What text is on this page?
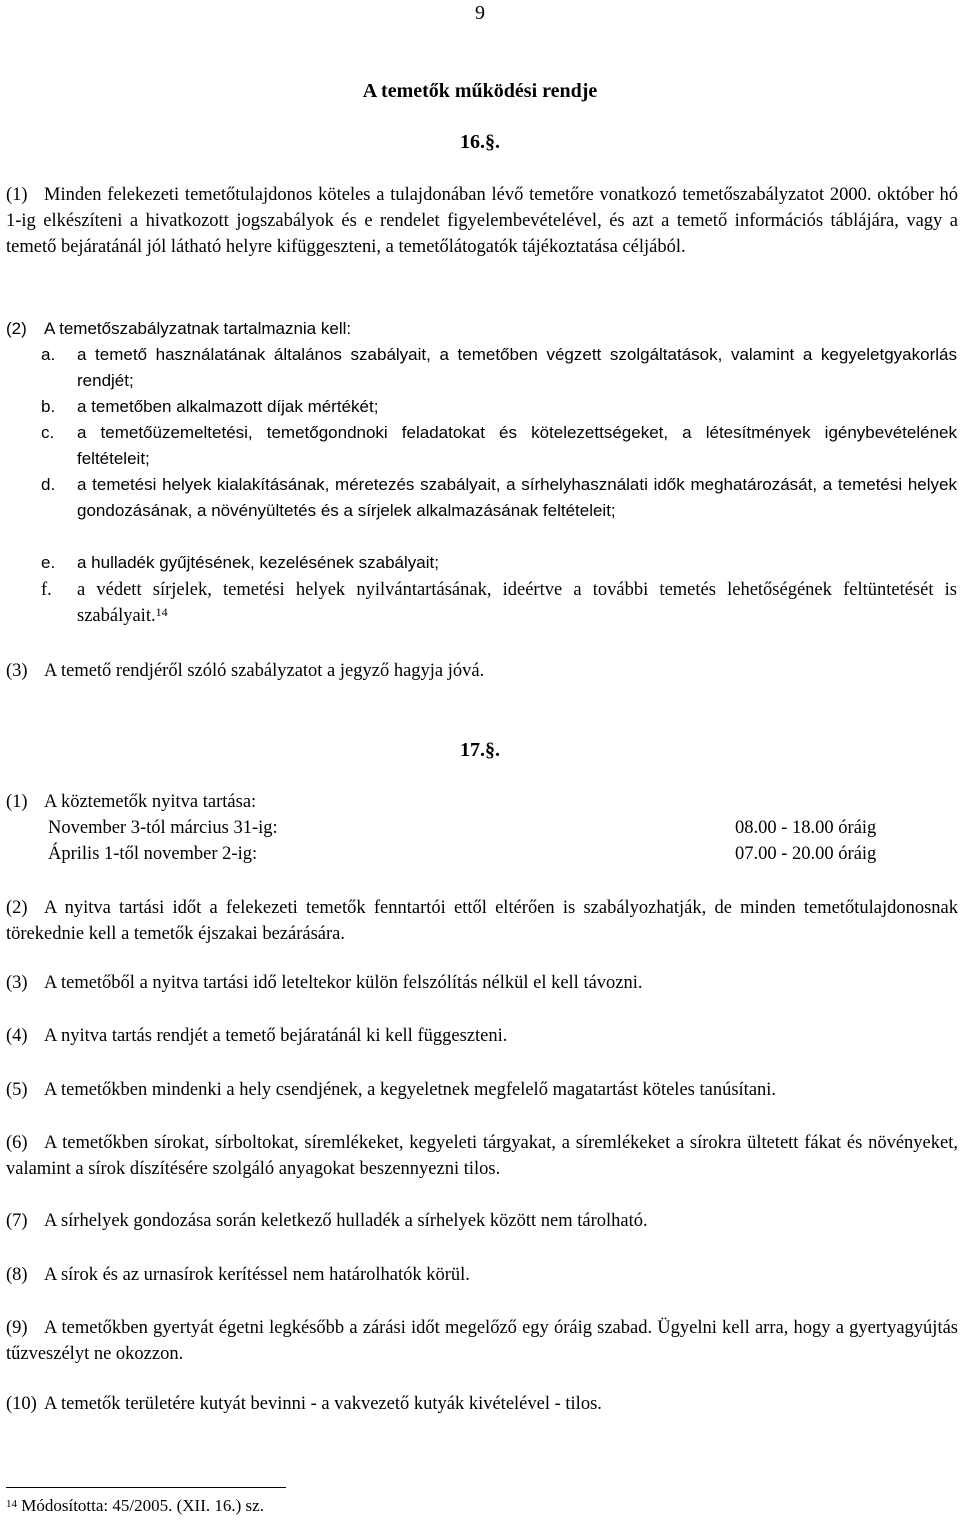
9
A temetők működési rendje
16.§.
(1) Minden felekezeti temetőtulajdonos köteles a tulajdonában lévő temetőre vonatkozó temetőszabályzatot 2000. október hó 1-ig elkészíteni a hivatkozott jogszabályok és e rendelet figyelembevételével, és azt a temető információs táblájára, vagy a temető bejáratánál jól látható helyre kifüggeszteni, a temetőlátogatók tájékoztatása céljából.
(2) A temetőszabályzatnak tartalmaznia kell:
a. a temető használatának általános szabályait, a temetőben végzett szolgáltatások, valamint a kegyeletgyakorlás rendjét;
b. a temetőben alkalmazott díjak mértékét;
c. a temetőüzemeltetési, temetőgondnoki feladatokat és kötelezettségeket, a létesítmények igénybevételének feltételeit;
d. a temetési helyek kialakításának, méretezés szabályait, a sírhelyhasználati idők meghatározását, a temetési helyek gondozásának, a növényültetés és a sírjelek alkalmazásának feltételeit;
e. a hulladék gyűjtésének, kezelésének szabályait;
f. a védett sírjelek, temetési helyek nyilvántartásának, ideértve a további temetés lehetőségének feltüntetését is szabályait.$^{14}$
(3) A temető rendjéről szóló szabályzatot a jegyző hagyja jóvá.
17.§.
(1) A köztemetők nyitva tartása:
November 3-tól március 31-ig:	08.00 - 18.00 óráig
Április 1-től november 2-ig:	07.00 - 20.00 óráig
(2) A nyitva tartási időt a felekezeti temetők fenntartói ettől eltérően is szabályozhatják, de minden temetőtulajdonosnak törekednie kell a temetők éjszakai bezárására.
(3) A temetőből a nyitva tartási idő leteltekor külön felszólítás nélkül el kell távozni.
(4) A nyitva tartás rendjét a temető bejáratánál ki kell függeszteni.
(5) A temetőkben mindenki a hely csendjének, a kegyeletnek megfelelő magatartást köteles tanúsítani.
(6) A temetőkben sírokat, sírboltokat, síremlékeket, kegyeleti tárgyakat, a síremlékeket a sírokra ültetett fákat és növényeket, valamint a sírok díszítésére szolgáló anyagokat beszennyezni tilos.
(7) A sírhelyek gondozása során keletkező hulladék a sírhelyek között nem tárolható.
(8) A sírok és az urnasírok kerítéssel nem határolhatók körül.
(9) A temetőkben gyertyát égetni legkésőbb a zárási időt megelőző egy óráig szabad. Ügyelni kell arra, hogy a gyertyagyújtás tűzveszélyt ne okozzon.
(10) A temetők területére kutyát bevinni - a vakvezető kutyák kivételével - tilos.
$^{14}$ Módosította: 45/2005. (XII. 16.) sz.
